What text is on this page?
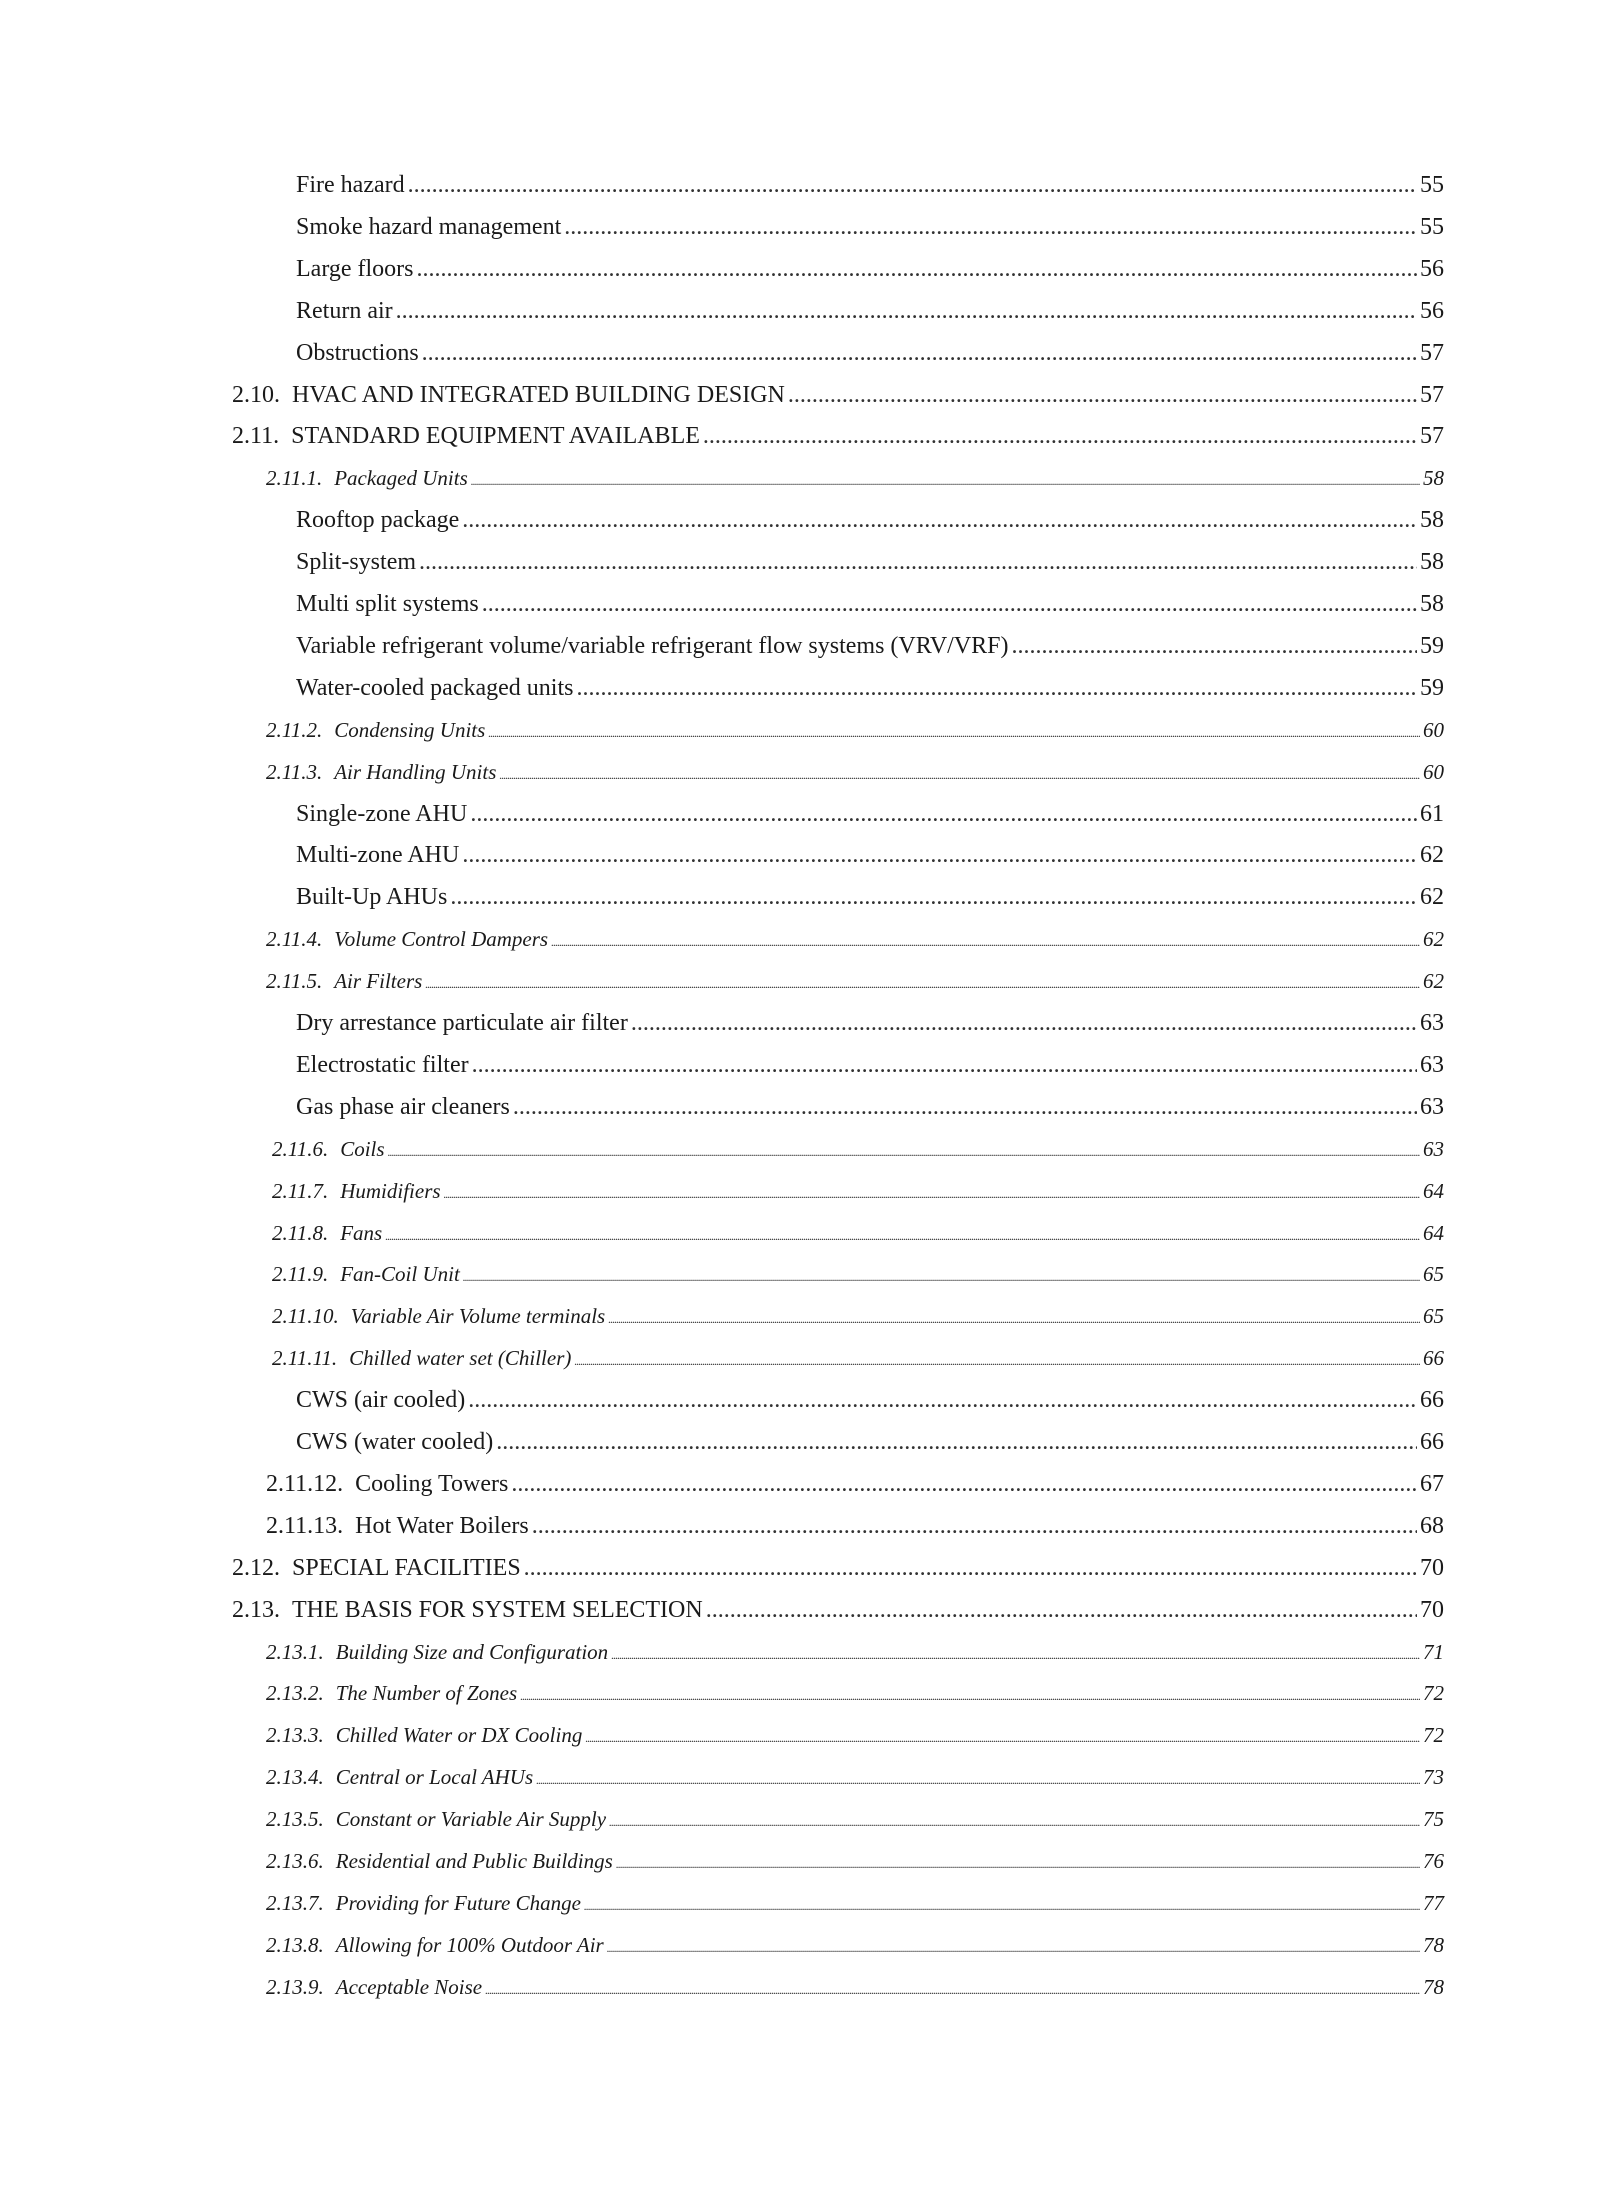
Fire hazard .....	55
Smoke hazard management .....	55
Large floors .....	56
Return air .....	56
Obstructions .....	57
2.10. HVAC AND INTEGRATED BUILDING DESIGN .....	57
2.11. STANDARD EQUIPMENT AVAILABLE .....	57
2.11.1. Packaged Units .....	58
Rooftop package .....	58
Split-system .....	58
Multi split systems .....	58
Variable refrigerant volume/variable refrigerant flow systems (VRV/VRF) .....	59
Water-cooled packaged units .....	59
2.11.2. Condensing Units .....	60
2.11.3. Air Handling Units .....	60
Single-zone AHU .....	61
Multi-zone AHU .....	62
Built-Up AHUs .....	62
2.11.4. Volume Control Dampers .....	62
2.11.5. Air Filters .....	62
Dry arrestance particulate air filter .....	63
Electrostatic filter .....	63
Gas phase air cleaners .....	63
2.11.6. Coils .....	63
2.11.7. Humidifiers .....	64
2.11.8. Fans .....	64
2.11.9. Fan-Coil Unit .....	65
2.11.10. Variable Air Volume terminals .....	65
2.11.11. Chilled water set (Chiller) .....	66
CWS (air cooled) .....	66
CWS (water cooled) .....	66
2.11.12. Cooling Towers .....	67
2.11.13. Hot Water Boilers .....	68
2.12. SPECIAL FACILITIES .....	70
2.13. THE BASIS FOR SYSTEM SELECTION .....	70
2.13.1. Building Size and Configuration .....	71
2.13.2. The Number of Zones .....	72
2.13.3. Chilled Water or DX Cooling .....	72
2.13.4. Central or Local AHUs .....	73
2.13.5. Constant or Variable Air Supply .....	75
2.13.6. Residential and Public Buildings .....	76
2.13.7. Providing for Future Change .....	77
2.13.8. Allowing for 100% Outdoor Air .....	78
2.13.9. Acceptable Noise .....	78
